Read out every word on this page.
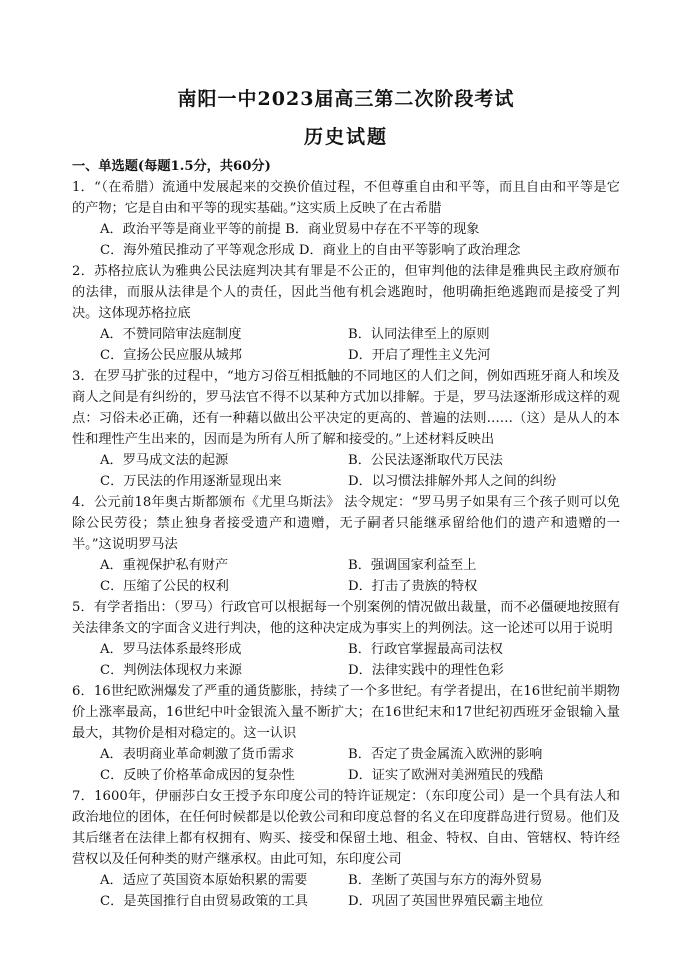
南阳一中2023届高三第二次阶段考试
历史试题
一、单选题(每题1.5分，共60分)

1．“（在希腊）流通中发展起来的交换价值过程，不但尊重自由和平等，而且自由和平等是它的产物；它是自由和平等的现实基础。”这实质上反映了在古希腊

A．政治平等是商业平等的前提 B．商业贸易中存在不平等的现象
C．海外殖民推动了平等观念形成 D．商业上的自由平等影响了政治理念

2．苏格拉底认为雅典公民法庭判决其有罪是不公正的，但审判他的法律是雅典民主政府颁布的法律，而服从法律是个人的责任，因此当他有机会逃跑时，他明确拒绝逃跑而是接受了判决。这体现苏格拉底

A．不赞同陪审法庭制度	B．认同法律至上的原则
C．宣扬公民应服从城邦	D．开启了理性主义先河

3．在罗马扩张的过程中，“地方习俗互相抵触的不同地区的人们之间，例如西班牙商人和埃及商人之间是有纠纷的，罗马法官不得不以某种方式加以排解。于是，罗马法逐渐形成这样的观点：习俗未必正确，还有一种藉以做出公平决定的更高的、普遍的法则……（这）是从人的本性和理性产生出来的，因而是为所有人所了解和接受的。”上述材料反映出

A．罗马成文法的起源	B．公民法逐渐取代万民法
C．万民法的作用逐渐显现出来	D．以习惯法排解外邦人之间的纠纷

4．公元前18年奥古斯都颁布《尤里乌斯法》 法令规定：“罗马男子如果有三个孩子则可以免除公民劳役；禁止独身者接受遗产和遗赠，无子嗣者只能继承留给他们的遗产和遗赠的一半。”这说明罗马法

A．重视保护私有财产	B．强调国家利益至上
C．压缩了公民的权利	D．打击了贵族的特权

5．有学者指出：（罗马）行政官可以根据每一个别案例的情况做出裁量，而不必僵硬地按照有关法律条文的字面含义进行判决，他的这种决定成为事实上的判例法。这一论述可以用于说明

A．罗马法体系最终形成	B．行政官掌握最高司法权
C．判例法体现权力来源	D．法律实践中的理性色彩

6．16世纪欧洲爆发了严重的通货膨胀，持续了一个多世纪。有学者提出，在16世纪前半期物价上涨率最高，16世纪中叶金银流入量不断扩大；在16世纪末和17世纪初西班牙金银输入量最大，其物价是相对稳定的。这一认识

A．表明商业革命刺激了货币需求	B．否定了贵金属流入欧洲的影响
C．反映了价格革命成因的复杂性	D．证实了欧洲对美洲殖民的残酷

7．1600年，伊丽莎白女王授予东印度公司的特许证规定：（东印度公司）是一个具有法人和政治地位的团体，在任何时候都是以伦敦公司和印度总督的名义在印度群岛进行贸易。他们及其后继者在法律上都有权拥有、购买、接受和保留土地、租金、特权、自由、管辖权、特许经营权以及任何种类的财产继承权。由此可知，东印度公司

A．适应了英国资本原始积累的需要	B．垄断了英国与东方的海外贸易
C．是英国推行自由贸易政策的工具	D．巩固了英国世界殖民霸主地位
